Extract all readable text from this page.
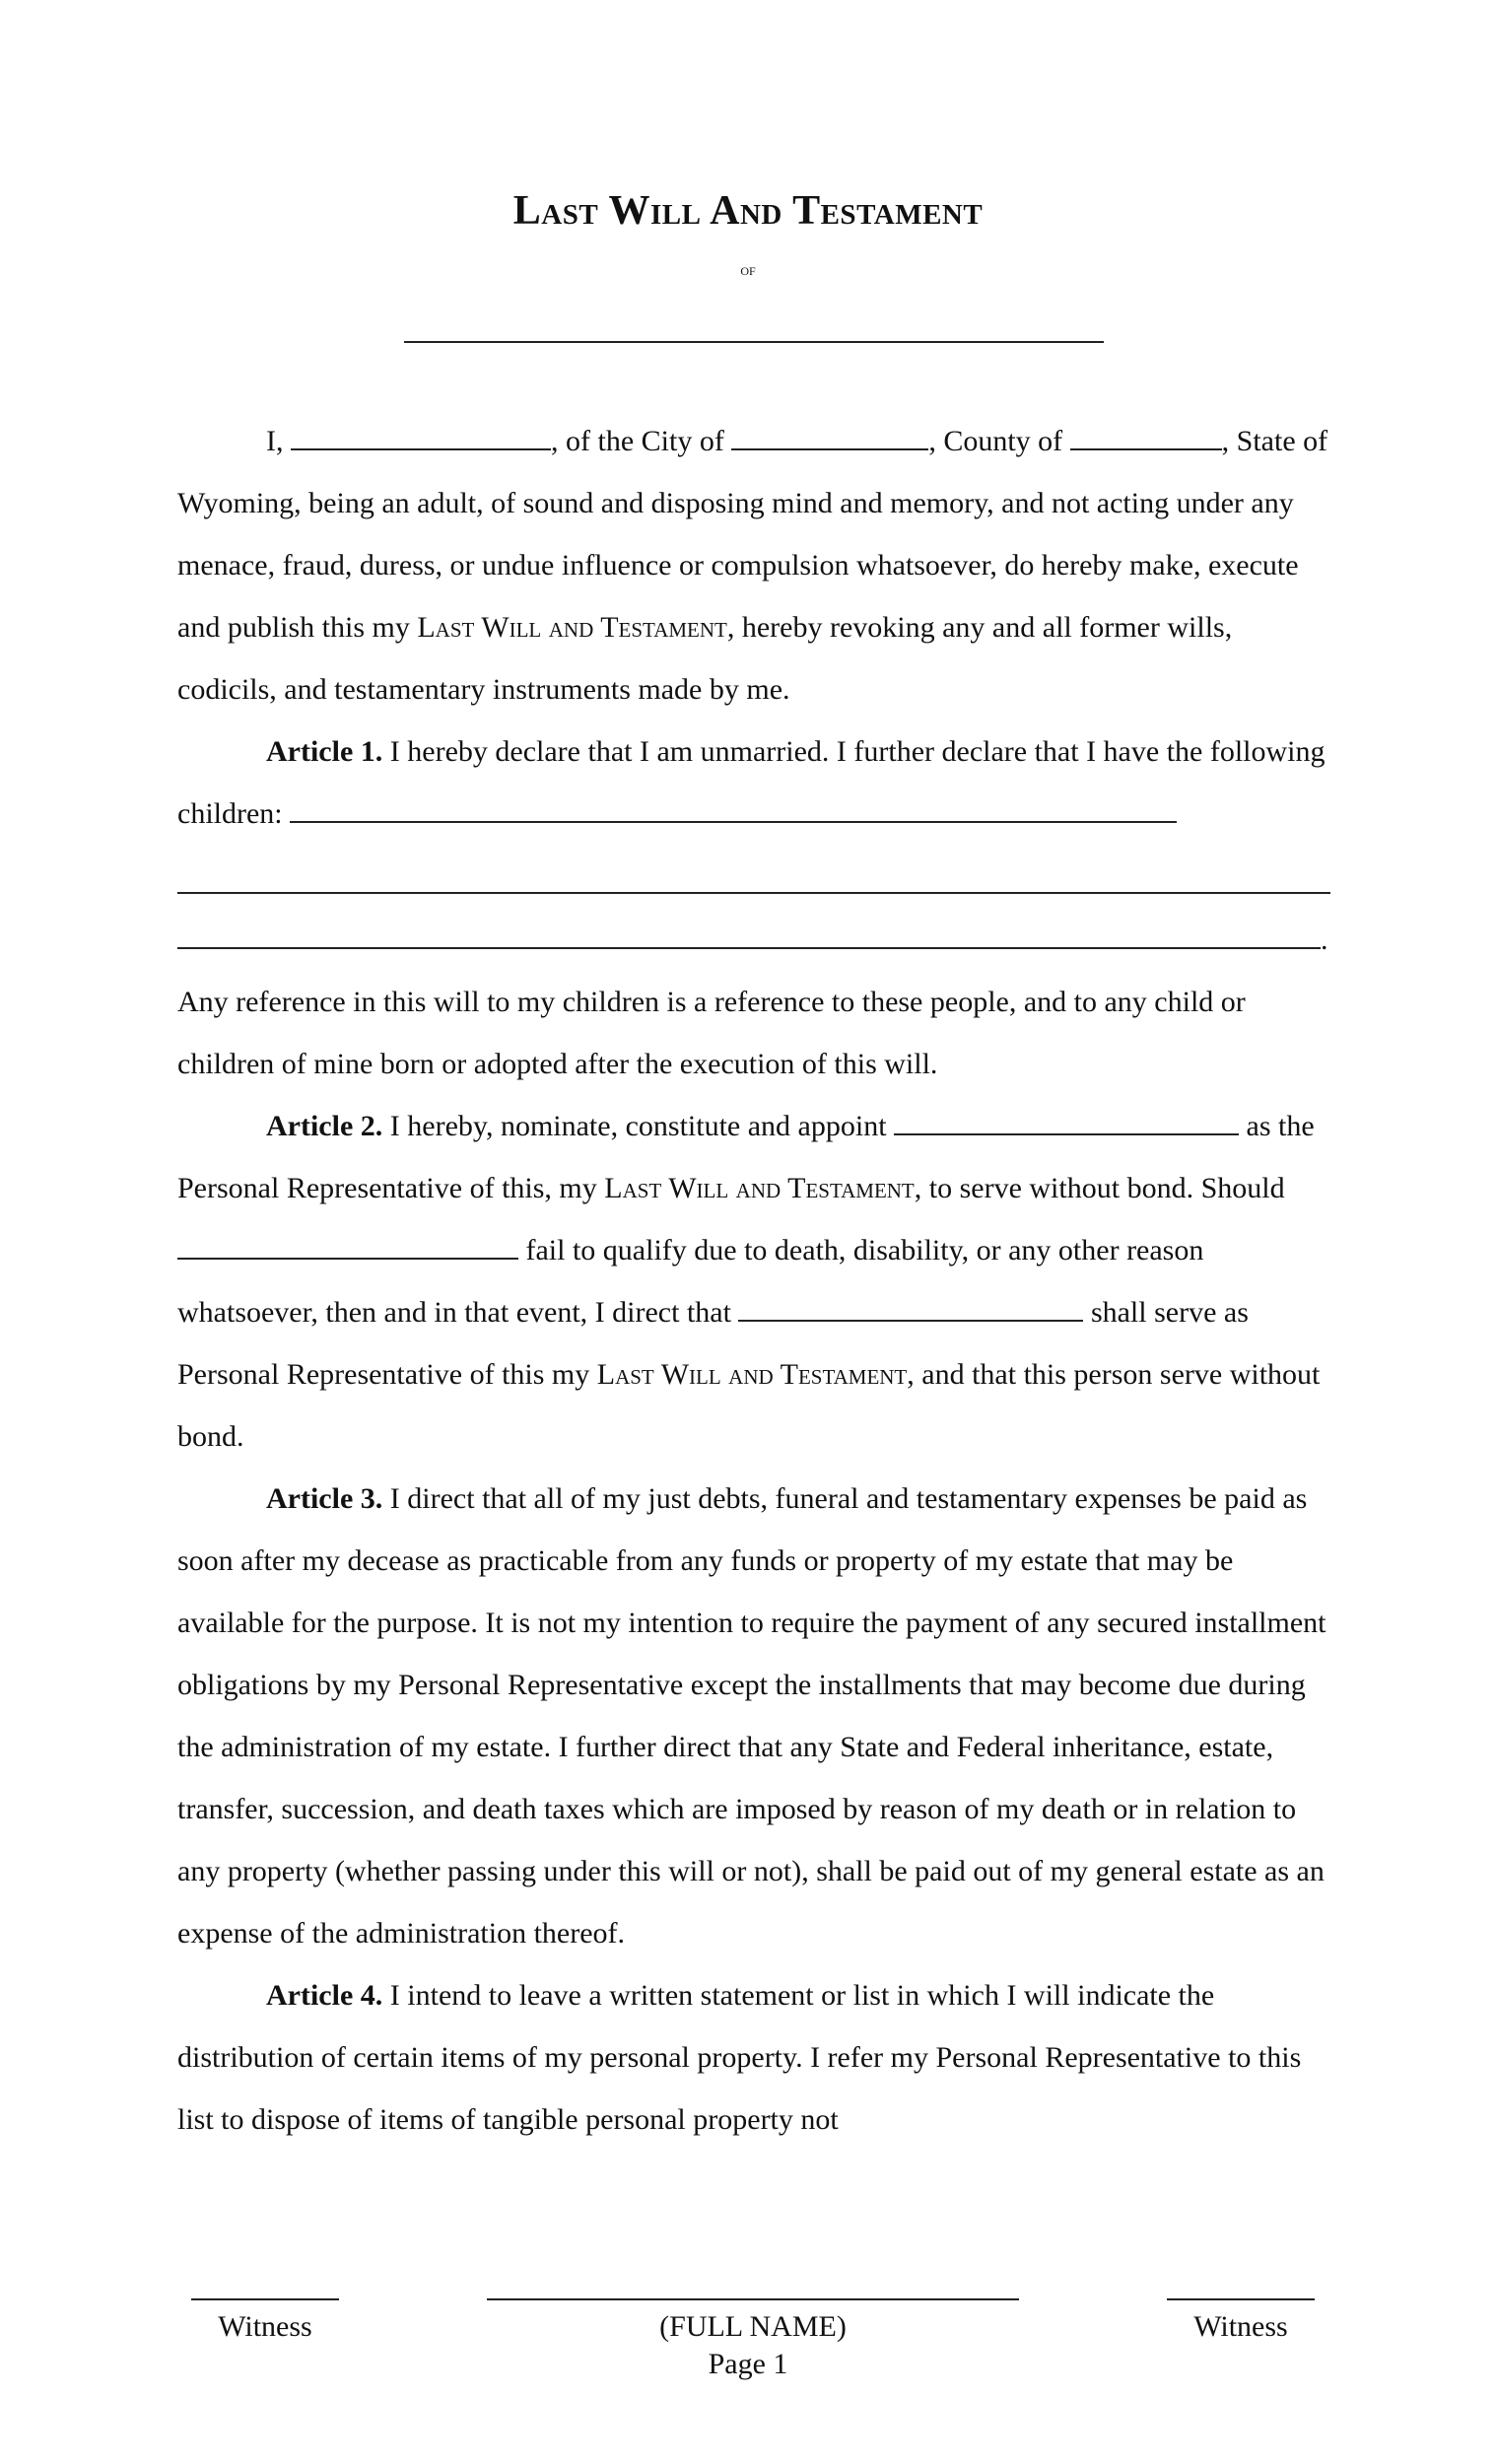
Last Will And Testament
of

I,	, of the City of	, County of	, State of Wyoming, being an adult, of sound and disposing mind and memory, and not acting under any menace, fraud, duress, or undue influence or compulsion whatsoever, do hereby make, execute and publish this my Last Will and Testament, hereby revoking any and all former wills, codicils, and testamentary instruments made by me.

Article 1. I hereby declare that I am unmarried. I further declare that I have the following children:

.

Any reference in this will to my children is a reference to these people, and to any child or children of mine born or adopted after the execution of this will.

Article 2. I hereby, nominate, constitute and appoint	as the Personal Representative of this, my Last Will and Testament, to serve without bond. Should  fail to qualify due to death, disability, or any other reason whatsoever, then and in that event, I direct that	shall serve as Personal Representative of this my Last Will and Testament, and that this person serve without bond.

Article 3. I direct that all of my just debts, funeral and testamentary expenses be paid as soon after my decease as practicable from any funds or property of my estate that may be available for the purpose. It is not my intention to require the payment of any secured installment obligations by my Personal Representative except the installments that may become due during the administration of my estate. I further direct that any State and Federal inheritance, estate, transfer, succession, and death taxes which are imposed by reason of my death or in relation to any property (whether passing under this will or not), shall be paid out of my general estate as an expense of the administration thereof.

Article 4. I intend to leave a written statement or list in which I will indicate the distribution of certain items of my personal property. I refer my Personal Representative to this list to dispose of items of tangible personal property not

Witness	(FULL NAME)	Witness
Page 1
